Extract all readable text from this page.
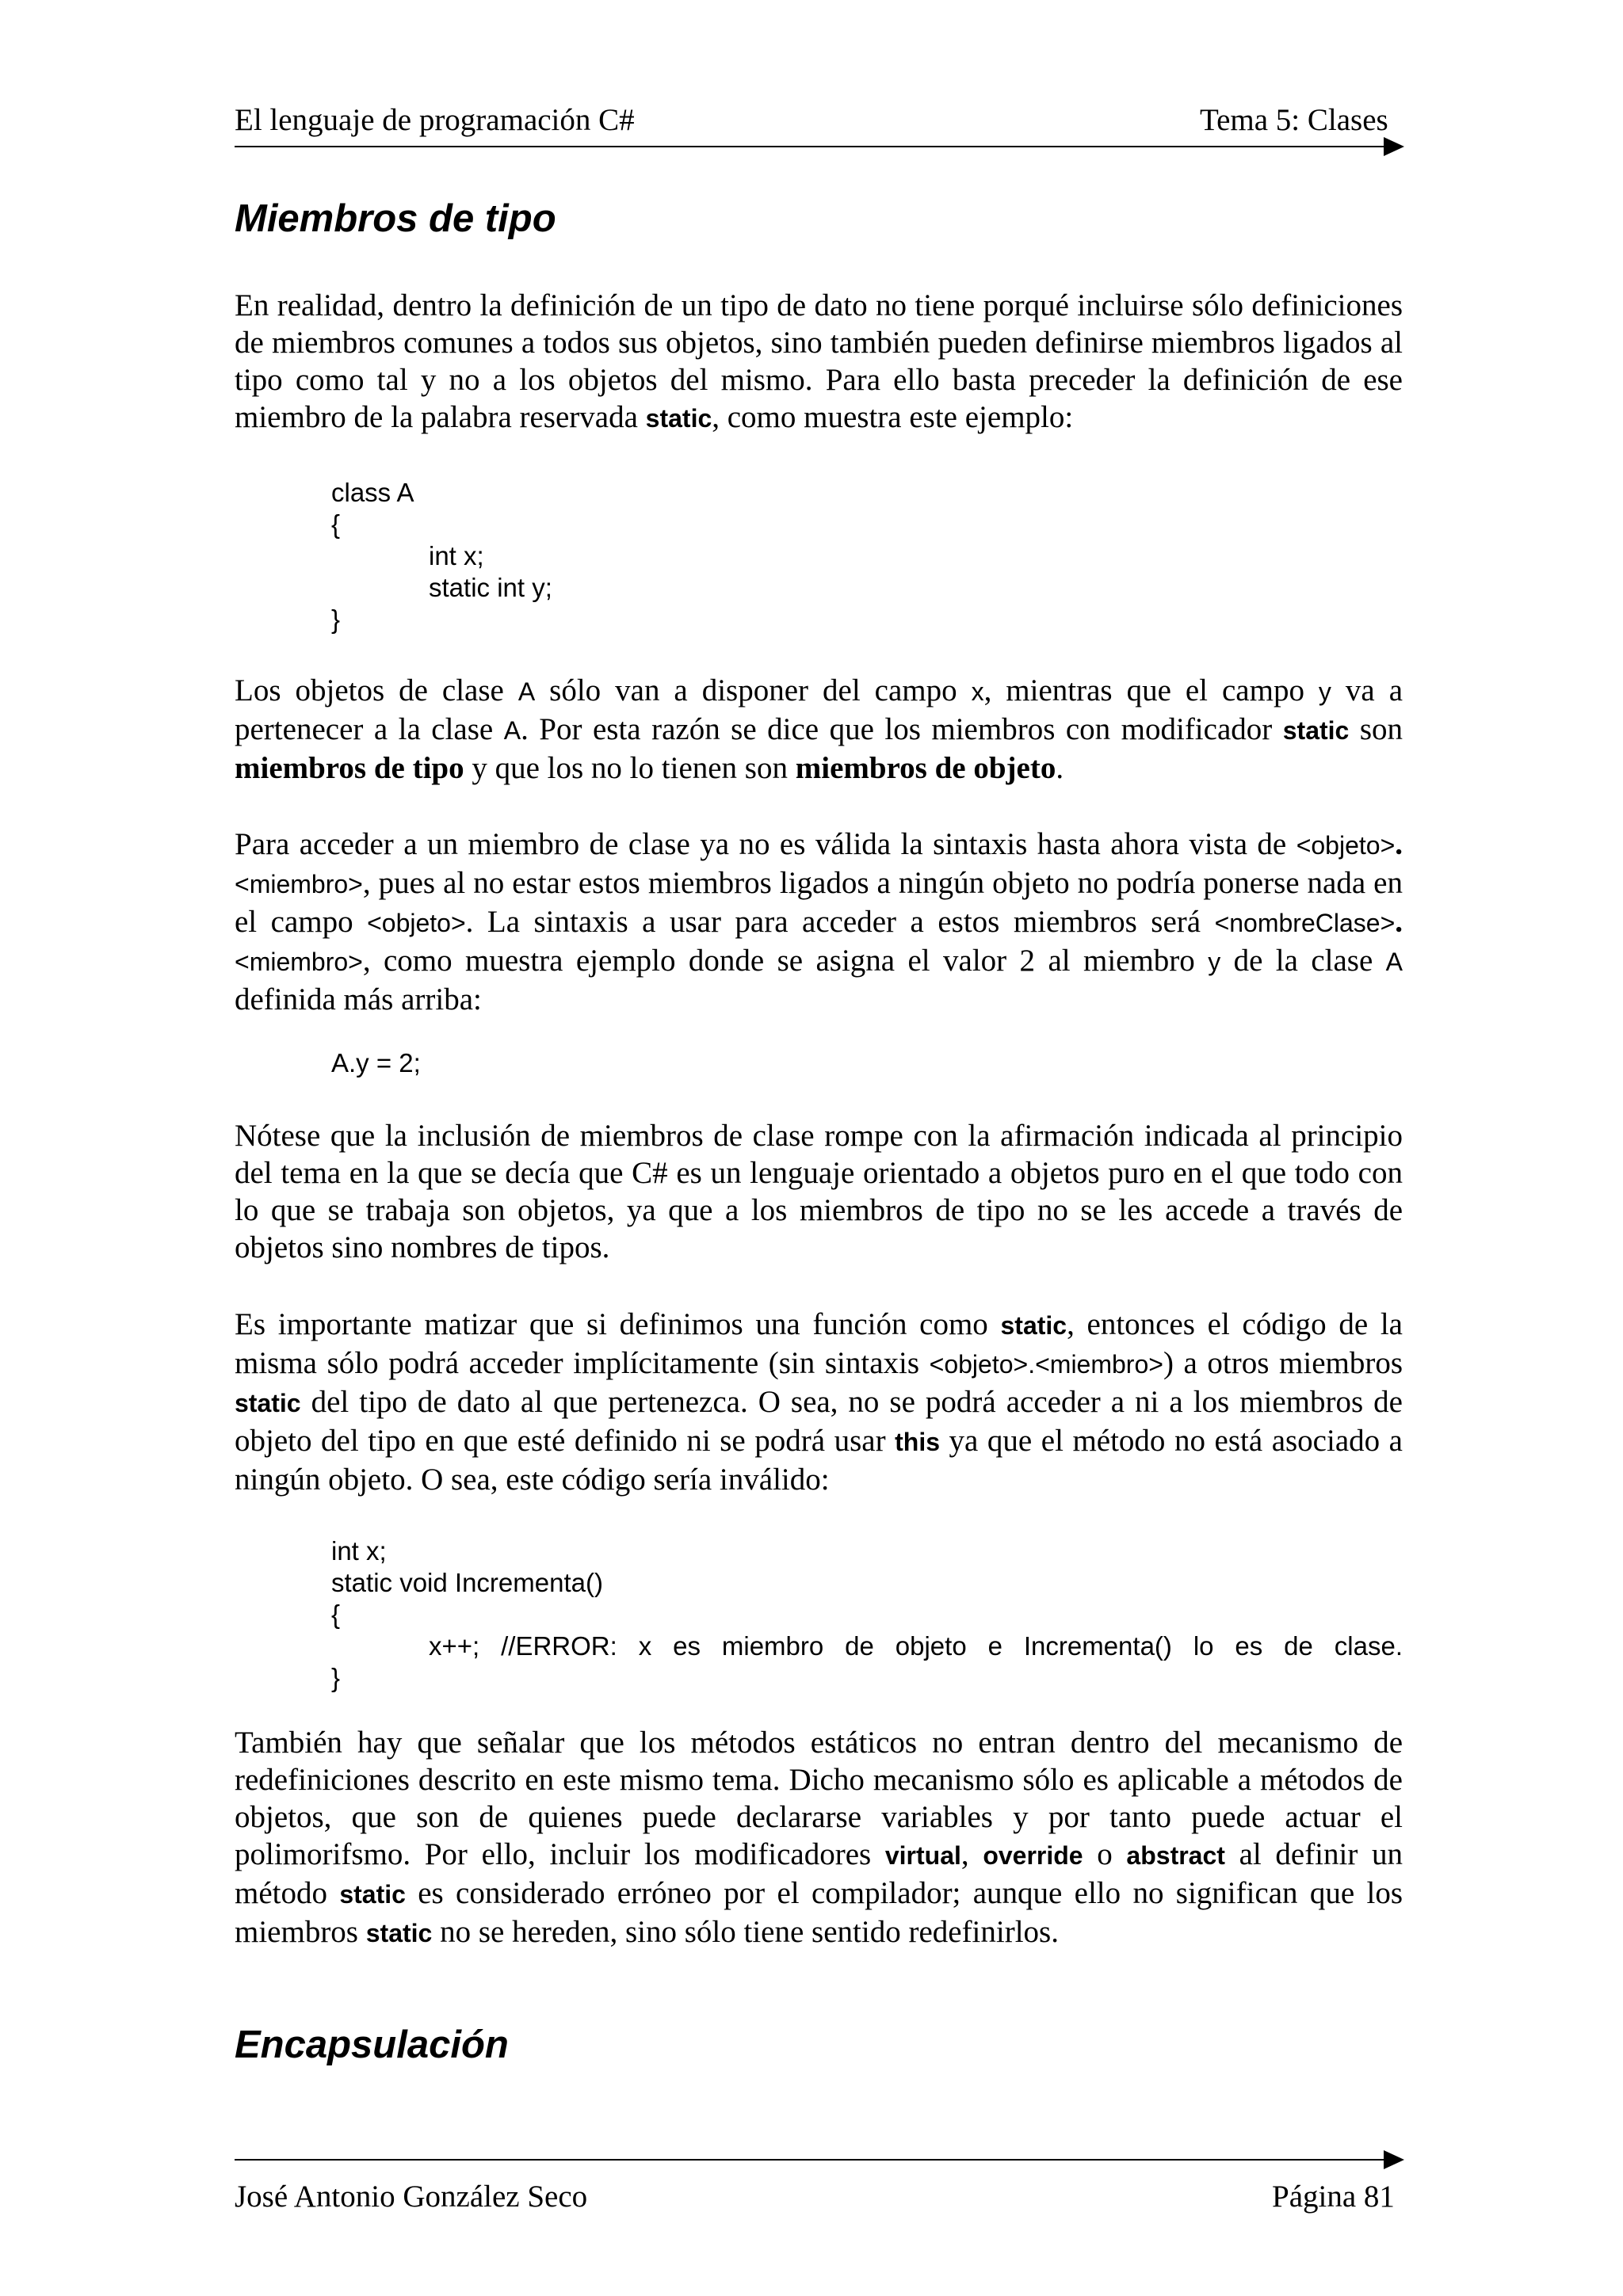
El lenguaje de programación C#	Tema 5: Clases
Miembros de tipo

En realidad, dentro la definición de un tipo de dato no tiene porqué incluirse sólo definiciones de miembros comunes a todos sus objetos, sino también pueden definirse miembros ligados al tipo como tal y no a los objetos del mismo. Para ello basta preceder la definición de ese miembro de la palabra reservada static, como muestra este ejemplo:

class A
{
int x;
static int y;
}

Los objetos de clase A sólo van a disponer del campo x, mientras que el campo y va a pertenecer a la clase A. Por esta razón se dice que los miembros con modificador static son miembros de tipo y que los no lo tienen son miembros de objeto.

Para acceder a un miembro de clase ya no es válida la sintaxis hasta ahora vista de <objeto>.<miembro>, pues al no estar estos miembros ligados a ningún objeto no podría ponerse nada en el campo <objeto>. La sintaxis a usar para acceder a estos miembros será <nombreClase>.<miembro>, como muestra ejemplo donde se asigna el valor 2 al miembro y de la clase A definida más arriba:

A.y = 2;
Nótese que la inclusión de miembros de clase rompe con la afirmación indicada al principio del tema en la que se decía que C# es un lenguaje orientado a objetos puro en el que todo con lo que se trabaja son objetos, ya que a los miembros de tipo no se les accede a través de objetos sino nombres de tipos.

Es importante matizar que si definimos una función como static, entonces el código de la misma sólo podrá acceder implícitamente (sin sintaxis <objeto>.<miembro>) a otros miembros static del tipo de dato al que pertenezca. O sea, no se podrá acceder a ni a los miembros de objeto del tipo en que esté definido ni se podrá usar this ya que el método no está asociado a ningún objeto. O sea, este código sería inválido:

int x;
static void Incrementa()
{
x++; //ERROR: x es miembro de objeto e Incrementa() lo es de clase.
}

También hay que señalar que los métodos estáticos no entran dentro del mecanismo de redefiniciones descrito en este mismo tema. Dicho mecanismo sólo es aplicable a métodos de objetos, que son de quienes puede declararse variables y por tanto puede actuar el polimorifsmo. Por ello, incluir los modificadores virtual, override o abstract al definir un método static es considerado erróneo por el compilador; aunque ello no significan que los miembros static no se hereden, sino sólo tiene sentido redefinirlos.

Encapsulación
José Antonio González Seco	Página 81
